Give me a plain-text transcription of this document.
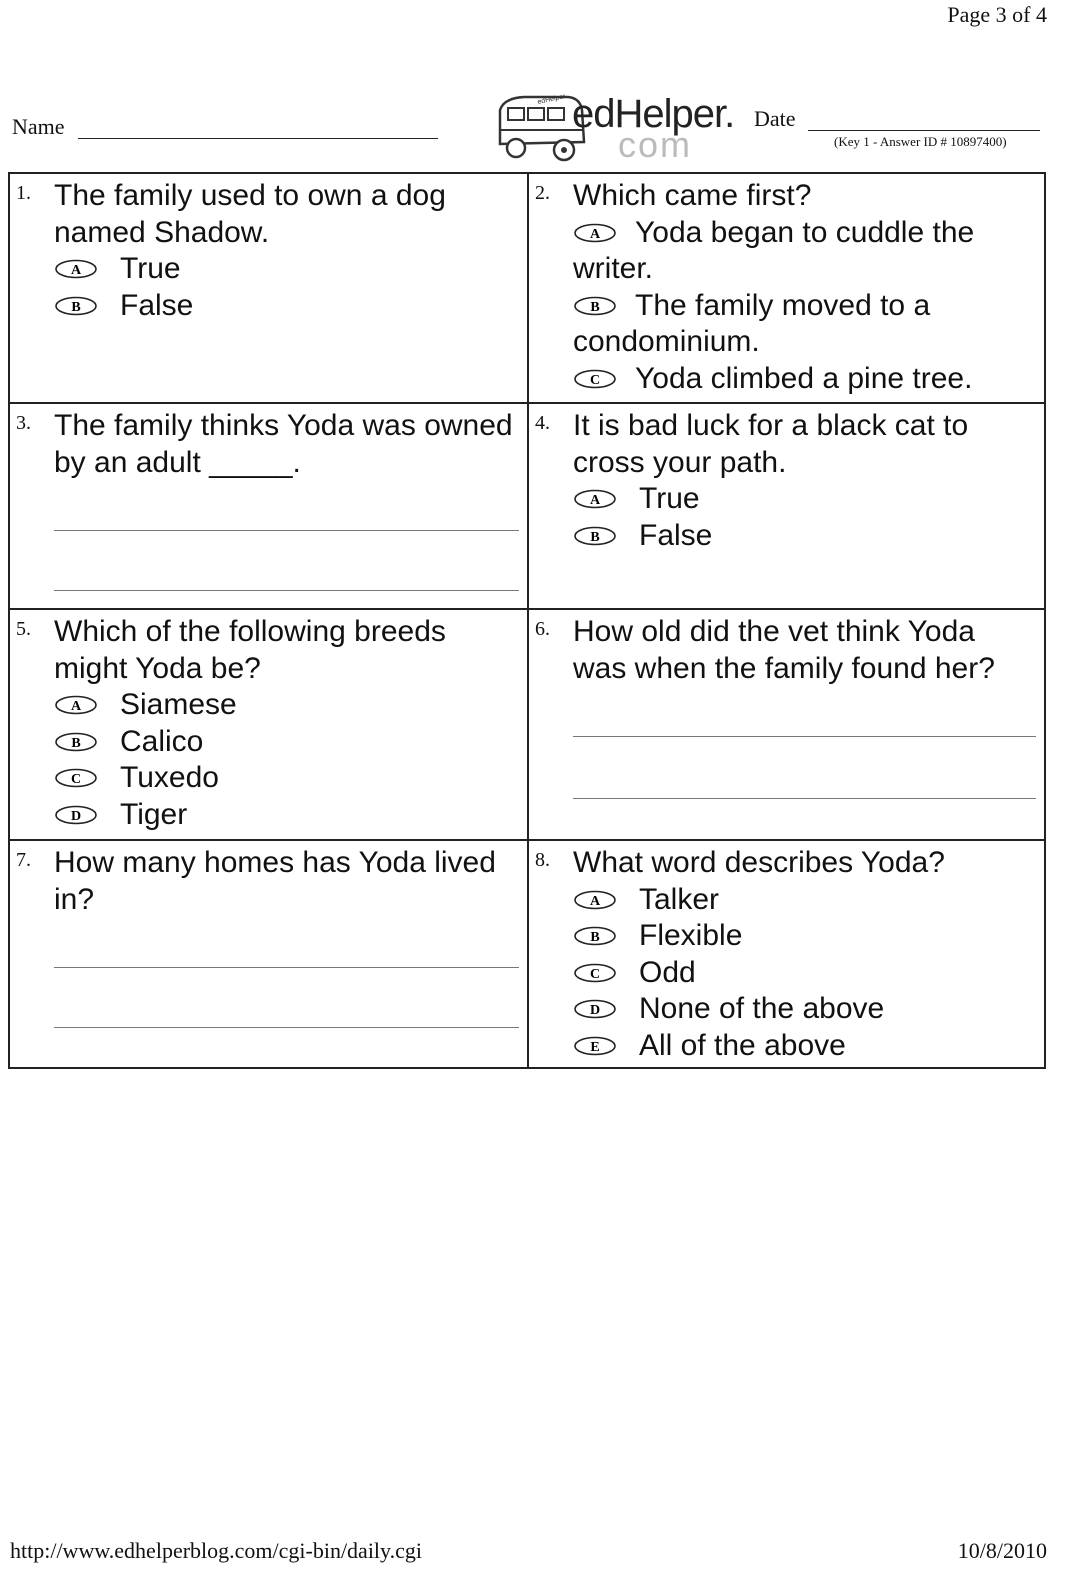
Page 3 of 4
Name
edHelper edHelper.
com
Date
(Key 1 - Answer ID # 10897400)
1. The family used to own a dog named Shadow.

A True
B False
2. Which came first?

A Yoda began to cuddle the writer.
B The family moved to a condominium.
C Yoda climbed a pine tree.
3. The family thinks Yoda was owned by an adult _____.

4. It is bad luck for a black cat to cross your path.

A True
B False
5. Which of the following breeds might Yoda be?

A Siamese
B Calico
C Tuxedo
D Tiger
6. How old did the vet think Yoda was when the family found her?

7. How many homes has Yoda lived in?

8. What word describes Yoda?

A Talker
B Flexible
C Odd
D None of the above
E All of the above
http://www.edhelperblog.com/cgi-bin/daily.cgi	10/8/2010
